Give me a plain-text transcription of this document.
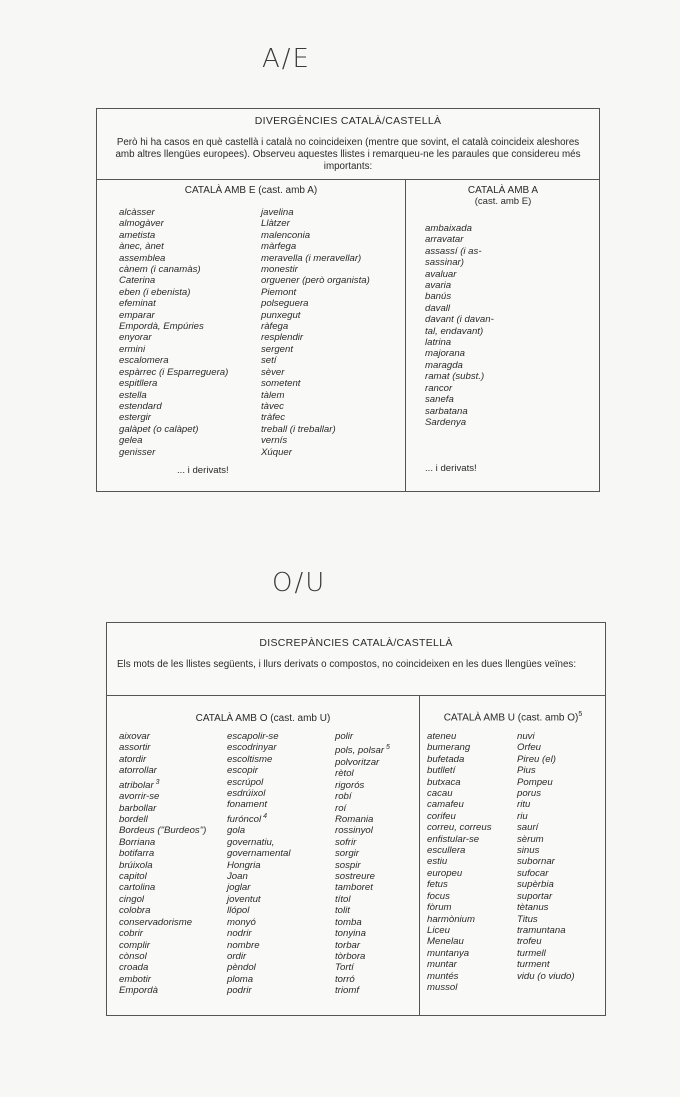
A/E
DIVERGÈNCIES CATALÀ/CASTELLÀ
Però hi ha casos en què castellà i català no coincideixen (mentre que sovint, el català coincideix aleshores amb altres llengües europees). Observeu aquestes llistes i remarqueu-ne les paraules que considereu més importants:
CATALÀ AMB E (cast. amb A)	CATALÀ AMB A
(cast. amb E)
alcàsser
almogàver
ametista
ànec, ànet
assemblea
cànem (i canamàs)
Caterina
eben (i ebenista)
efeminat
emparar
Empordà, Empúries
enyorar
ermini
escalomera
espàrrec (i Esparreguera)
espitllera
estella
estendard
estergir
galàpet (o calàpet)
gelea
genisser
javelina
Llàtzer
malenconia
màrfega
meravella (i meravellar)
monestir
orguener (però organista)
Piemont
polseguera
punxegut
ràfega
resplendir
sergent
setí
sèver
sometent
tàlem
tàvec
tràfec
treball (i treballar)
vernís
Xúquer
ambaixada
arravatar
assassí (i as-
sassinar)
avaluar
avaria
banús
davall
davant (i davan-
tal, endavant)
latrina
majorana
maragda
ramat (subst.)
rancor
sanefa
sarbatana
Sardenya
... i derivats!	... i derivats!
O/U
DISCREPÀNCIES CATALÀ/CASTELLÀ
Els mots de les llistes següents, i llurs derivats o compostos, no coincideixen en les dues llengües veïnes:
CATALÀ AMB O (cast. amb U)	CATALÀ AMB U (cast. amb O)$^5$
aixovar
assortir
atordir
atorrollar
atribolar $^3$
avorrir-se
barbollar
bordell
Bordeus ("Burdeos")
Borriana
botifarra
brúixola
capitol
cartolina
cingol
colobra
conservadorisme
cobrir
complir
cònsol
croada
embotir
Empordà
escapolir-se
escodrinyar
escoltisme
escopir
escrúpol
esdrúixol
fonament
furóncol $^4$
gola
governatiu,
governamental
Hongria
Joan
joglar
joventut
llópol
monyó
nodrir
nombre
ordir
pèndol
ploma
podrir
polir
pols, polsar $^5$
polvoritzar
rètol
rigorós
robí
roí
Romania
rossinyol
sofrir
sorgir
sospir
sostreure
tamboret
títol
tolit
tomba
tonyina
torbar
tòrbora
Tortí
torró
triomf
ateneu
bumerang
bufetada
butlletí
butxaca
cacau
camafeu
corifeu
correu, correus
enfistular-se
escullera
estiu
europeu
fetus
focus
fòrum
harmònium
Liceu
Menelau
muntanya
muntar
muntés
mussol
nuvi
Orfeu
Pireu (el)
Pius
Pompeu
porus
ritu
riu
saurí
sèrum
sinus
subornar
sufocar
supèrbia
suportar
tètanus
Titus
tramuntana
trofeu
turmell
turment
vidu (o viudo)
